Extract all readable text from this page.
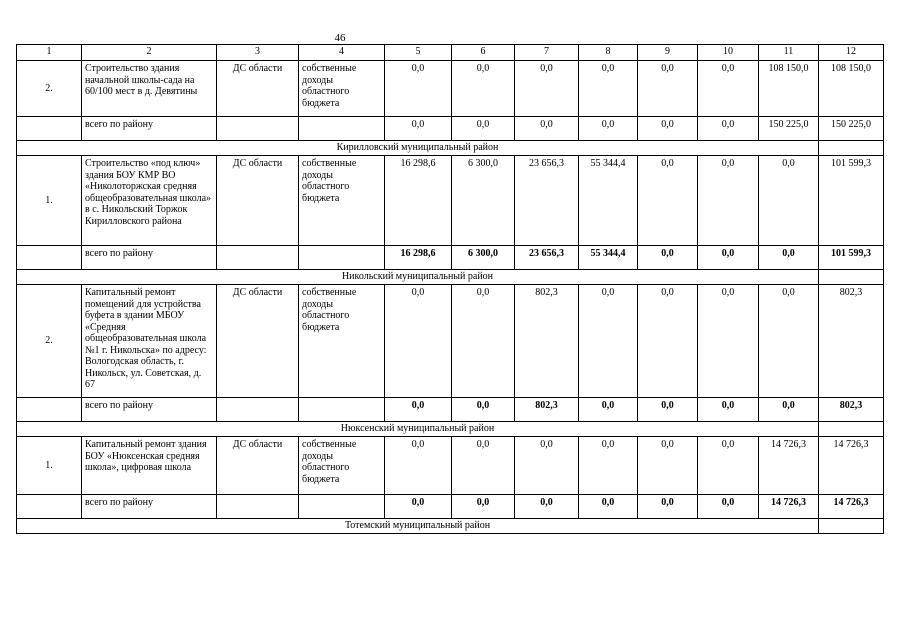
46
1	2	3	4	5	6	7	8	9	10	11	12
2.	Строительство здания начальной школы-сада на 60/100 мест в д. Девятины	ДС области	собственные доходы областного бюджета	0,0	0,0	0,0	0,0	0,0	0,0	108 150,0	108 150,0
	всего по району			0,0	0,0	0,0	0,0	0,0	0,0	150 225,0	150 225,0
Кирилловский муниципальный район											
1.	Строительство «под ключ» здания БОУ КМР ВО «Николоторжская средняя общеобразовательная школа» в с. Никольский Торжок Кирилловского района	ДС области	собственные доходы областного бюджета	16 298,6	6 300,0	23 656,3	55 344,4	0,0	0,0	0,0	101 599,3
	всего по району			16 298,6	6 300,0	23 656,3	55 344,4	0,0	0,0	0,0	101 599,3
Никольский муниципальный район											
2.	Капитальный ремонт помещений для устройства буфета в здании МБОУ «Средняя общеобразовательная школа №1 г. Никольска» по адресу: Вологодская область, г. Никольск, ул. Советская, д. 67	ДС области	собственные доходы областного бюджета	0,0	0,0	802,3	0,0	0,0	0,0	0,0	802,3
	всего по району			0,0	0,0	802,3	0,0	0,0	0,0	0,0	802,3
Нюксенский муниципальный район											
1.	Капитальный ремонт здания БОУ «Нюксенская средняя школа», цифровая школа	ДС области	собственные доходы областного бюджета	0,0	0,0	0,0	0,0	0,0	0,0	14 726,3	14 726,3
	всего по району			0,0	0,0	0,0	0,0	0,0	0,0	14 726,3	14 726,3
Тотемский муниципальный район											
